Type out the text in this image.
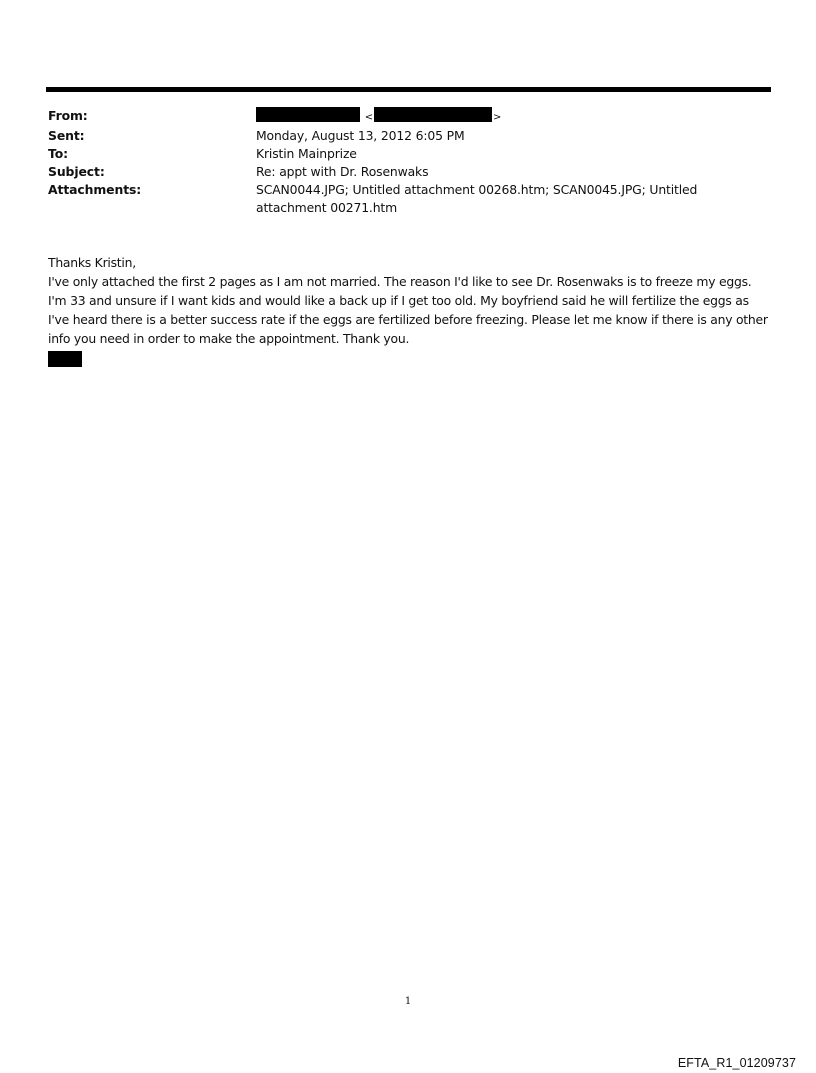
From:	<	>
Sent:	Monday, August 13, 2012 6:05 PM
To:	Kristin Mainprize
Subject:	Re: appt with Dr. Rosenwaks
Attachments:	SCAN0044.JPG; Untitled attachment 00268.htm; SCAN0045.JPG; Untitled attachment 00271.htm

Thanks Kristin,

I've only attached the first 2 pages as I am not married. The reason I'd like to see Dr. Rosenwaks is to freeze my eggs. I'm 33 and unsure if I want kids and would like a back up if I get too old. My boyfriend said he will fertilize the eggs as I've heard there is a better success rate if the eggs are fertilized before freezing. Please let me know if there is any other info you need in order to make the appointment. Thank you.

1
EFTA_R1_01209737
